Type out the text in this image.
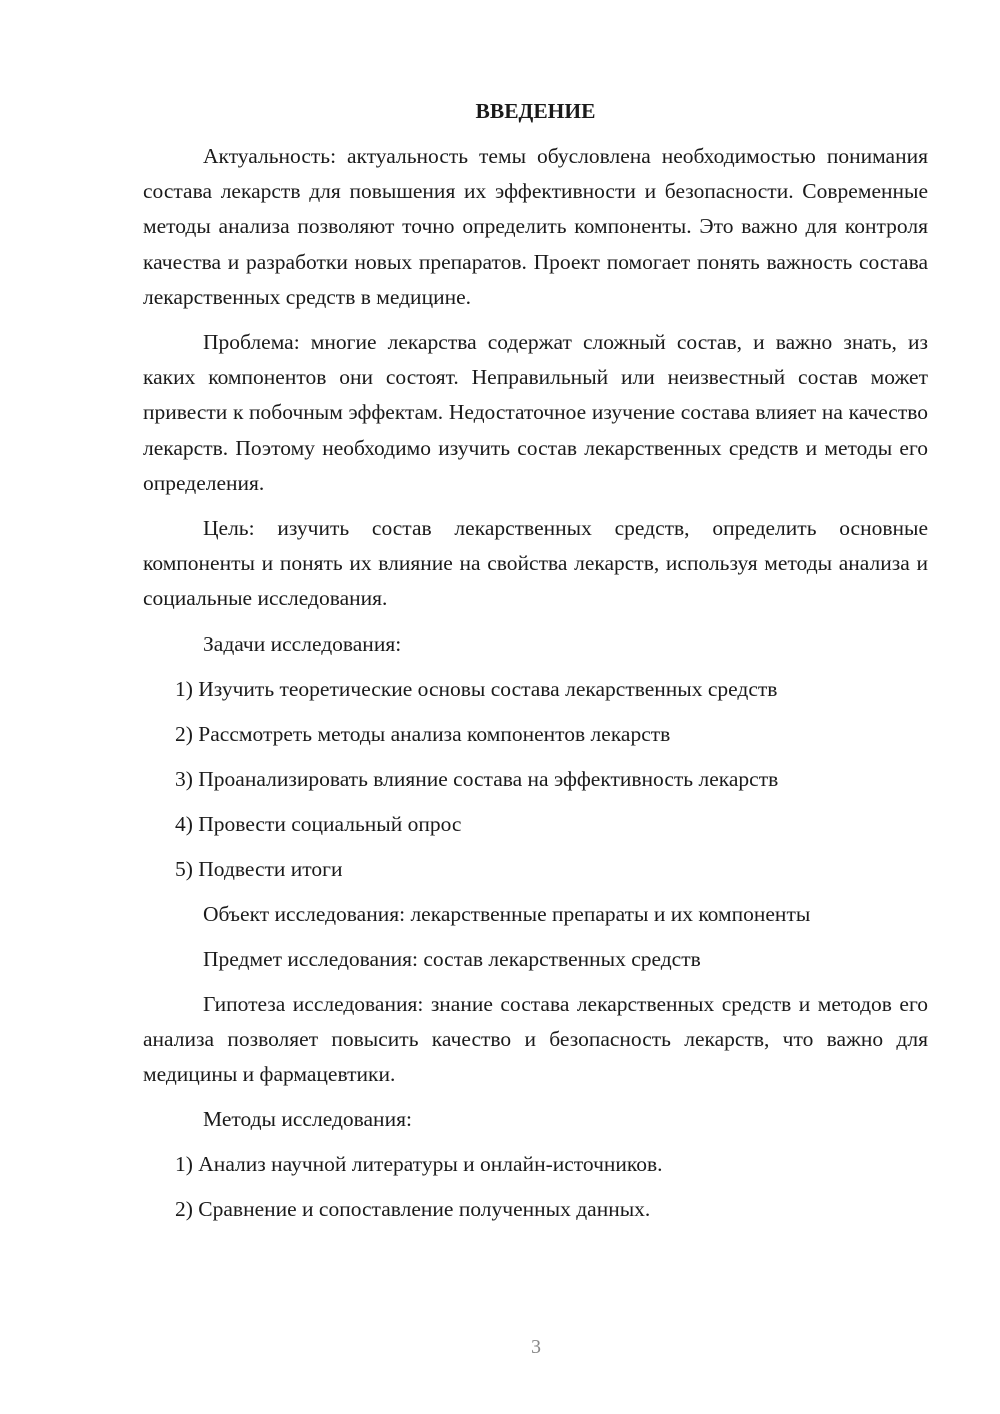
ВВЕДЕНИЕ

Актуальность: актуальность темы обусловлена необходимостью понимания состава лекарств для повышения их эффективности и безопасности. Современные методы анализа позволяют точно определить компоненты. Это важно для контроля качества и разработки новых препаратов. Проект помогает понять важность состава лекарственных средств в медицине.

Проблема: многие лекарства содержат сложный состав, и важно знать, из каких компонентов они состоят. Неправильный или неизвестный состав может привести к побочным эффектам. Недостаточное изучение состава влияет на качество лекарств. Поэтому необходимо изучить состав лекарственных средств и методы его определения.

Цель: изучить состав лекарственных средств, определить основные компоненты и понять их влияние на свойства лекарств, используя методы анализа и социальные исследования.

Задачи исследования:
1) Изучить теоретические основы состава лекарственных средств
2) Рассмотреть методы анализа компонентов лекарств
3) Проанализировать влияние состава на эффективность лекарств
4) Провести социальный опрос
5) Подвести итоги
Объект исследования: лекарственные препараты и их компоненты
Предмет исследования: состав лекарственных средств

Гипотеза исследования: знание состава лекарственных средств и методов его анализа позволяет повысить качество и безопасность лекарств, что важно для медицины и фармацевтики.

Методы исследования:
1) Анализ научной литературы и онлайн-источников.
2) Сравнение и сопоставление полученных данных.
3
